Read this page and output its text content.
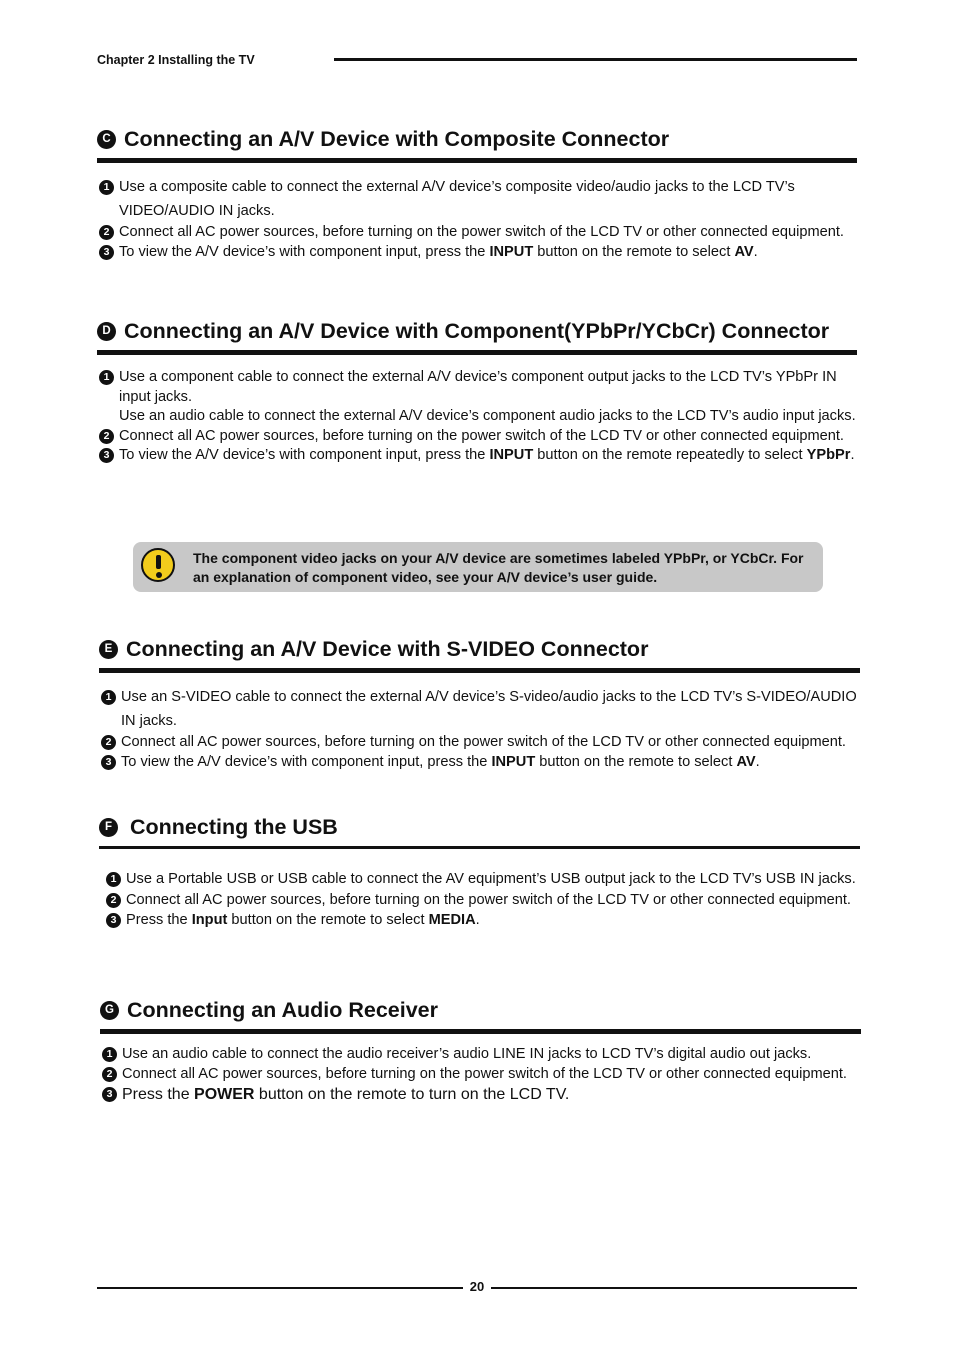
Chapter 2 Installing the TV
C Connecting an A/V Device with Composite Connector
1 Use a composite cable to connect the external A/V device’s composite video/audio jacks to the LCD TV’s VIDEO/AUDIO IN jacks.
2 Connect all AC power sources, before turning on the power switch of the LCD TV or other connected equipment.
3 To view the A/V device’s with component input, press the INPUT button on the remote to select AV.
D Connecting an A/V Device with Component(YPbPr/YCbCr) Connector
1 Use a component cable to connect the external A/V device’s component output jacks to the LCD TV’s YPbPr IN input jacks.
Use an audio cable to connect the external A/V device’s component audio jacks to the LCD TV’s audio input jacks.
2 Connect all AC power sources, before turning on the power switch of the LCD TV or other connected equipment.
3 To view the A/V device’s with component input, press the INPUT button on the remote repeatedly to select YPbPr.
The component video jacks on your A/V device are sometimes labeled YPbPr, or YCbCr. For an explanation of component video, see your A/V device’s user guide.
E Connecting an A/V Device with S-VIDEO Connector
1 Use an S-VIDEO cable to connect the external A/V device’s S-video/audio jacks to the LCD TV’s S-VIDEO/AUDIO IN jacks.
2 Connect all AC power sources, before turning on the power switch of the LCD TV or other connected equipment.
3 To view the A/V device’s with component input, press the INPUT button on the remote to select AV.
F Connecting the USB
1 Use a Portable USB or USB cable to connect the AV equipment’s USB output jack to the LCD TV’s USB IN jacks.
2 Connect all AC power sources, before turning on the power switch of the LCD TV or other connected equipment.
3 Press the Input button on the remote to select MEDIA.
G Connecting an Audio Receiver
1 Use an audio cable to connect the audio receiver’s audio LINE IN jacks to LCD TV’s digital audio out jacks.
2 Connect all AC power sources, before turning on the power switch of the LCD TV or other connected equipment.
3 Press the POWER button on the remote to turn on the LCD TV.
20
